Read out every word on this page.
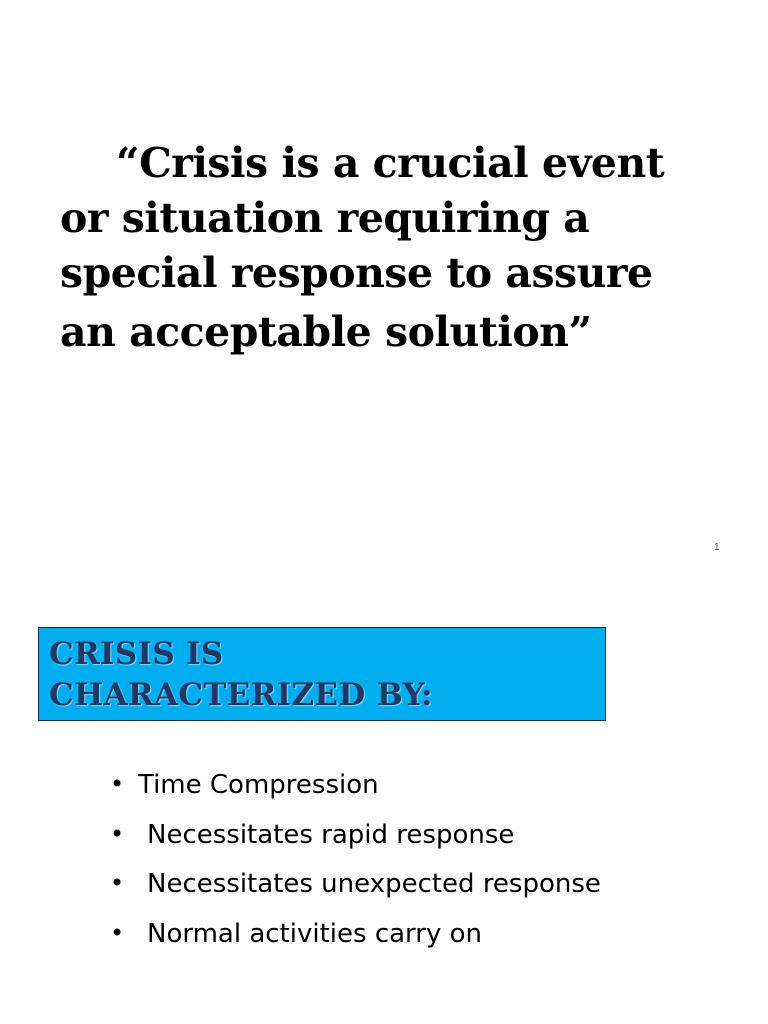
“Crisis is a crucial event
or situation requiring a
special response to assure
an acceptable solution”

1
CRISIS IS
CHARACTERIZED BY:
• Time Compression
• Necessitates rapid response
• Necessitates unexpected response
• Normal activities carry on
